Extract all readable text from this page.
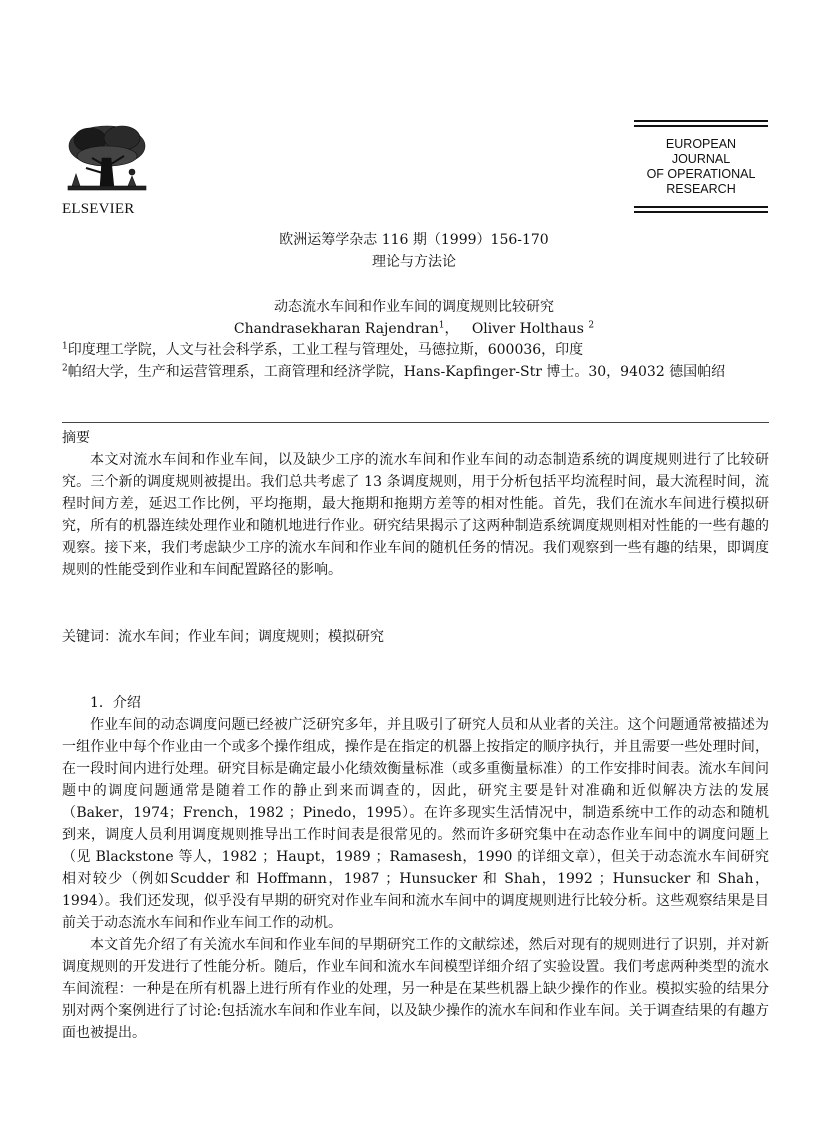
ELSEVIER
EUROPEAN
JOURNAL
OF OPERATIONAL
RESEARCH
欧洲运筹学杂志 116 期（1999）156-170
理论与方法论
动态流水车间和作业车间的调度规则比较研究
Chandrasekharan Rajendran$^1$， Oliver Holthaus $^2$
$^1$印度理工学院，人文与社会科学系，工业工程与管理处，马德拉斯，600036，印度
$^2$帕绍大学，生产和运营管理系，工商管理和经济学院，Hans-Kapfinger-Str 博士。30，94032 德国帕绍
摘要

本文对流水车间和作业车间，以及缺少工序的流水车间和作业车间的动态制造系统的调度规则进行了比较研究。三个新的调度规则被提出。我们总共考虑了 13 条调度规则，用于分析包括平均流程时间，最大流程时间，流程时间方差，延迟工作比例，平均拖期，最大拖期和拖期方差等的相对性能。首先，我们在流水车间进行模拟研究，所有的机器连续处理作业和随机地进行作业。研究结果揭示了这两种制造系统调度规则相对性能的一些有趣的观察。接下来，我们考虑缺少工序的流水车间和作业车间的随机任务的情况。我们观察到一些有趣的结果，即调度规则的性能受到作业和车间配置路径的影响。

关键词：流水车间；作业车间；调度规则；模拟研究

1．介绍

作业车间的动态调度问题已经被广泛研究多年，并且吸引了研究人员和从业者的关注。这个问题通常被描述为一组作业中每个作业由一个或多个操作组成，操作是在指定的机器上按指定的顺序执行，并且需要一些处理时间，在一段时间内进行处理。研究目标是确定最小化绩效衡量标准（或多重衡量标准）的工作安排时间表。流水车间问题中的调度问题通常是随着工作的静止到来而调查的，因此，研究主要是针对准确和近似解决方法的发展（Baker，1974；French，1982 ；Pinedo，1995）。在许多现实生活情况中，制造系统中工作的动态和随机到来，调度人员利用调度规则推导出工作时间表是很常见的。然而许多研究集中在动态作业车间中的调度问题上（见 Blackstone 等人，1982 ；Haupt，1989 ；Ramasesh，1990 的详细文章），但关于动态流水车间研究相对较少（例如Scudder 和 Hoffmann，1987 ；Hunsucker 和 Shah，1992 ；Hunsucker 和 Shah，1994）。我们还发现，似乎没有早期的研究对作业车间和流水车间中的调度规则进行比较分析。这些观察结果是目前关于动态流水车间和作业车间工作的动机。

本文首先介绍了有关流水车间和作业车间的早期研究工作的文献综述，然后对现有的规则进行了识别，并对新调度规则的开发进行了性能分析。随后，作业车间和流水车间模型详细介绍了实验设置。我们考虑两种类型的流水车间流程：一种是在所有机器上进行所有作业的处理，另一种是在某些机器上缺少操作的作业。模拟实验的结果分别对两个案例进行了讨论:包括流水车间和作业车间，以及缺少操作的流水车间和作业车间。关于调查结果的有趣方面也被提出。
